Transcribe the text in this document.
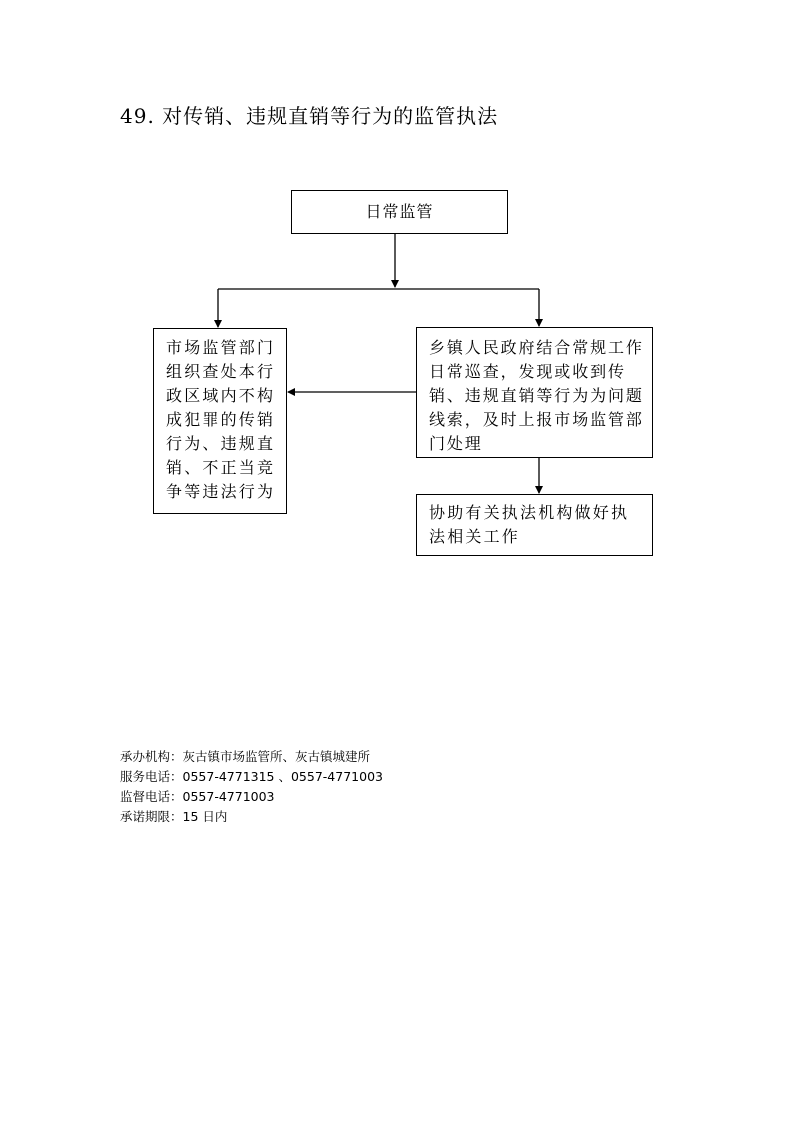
49. 对传销、违规直销等行为的监管执法
日常监管
市场监管部门组织查处本行政区域内不构成犯罪的传销行为、违规直销、不正当竞争等违法行为
乡镇人民政府结合常规工作日常巡查，发现或收到传销、违规直销等行为为问题线索，及时上报市场监管部门处理
协助有关执法机构做好执法相关工作
承办机构：灰古镇市场监管所、灰古镇城建所
服务电话：0557-4771315 、0557-4771003
监督电话：0557-4771003
承诺期限：15 日内
